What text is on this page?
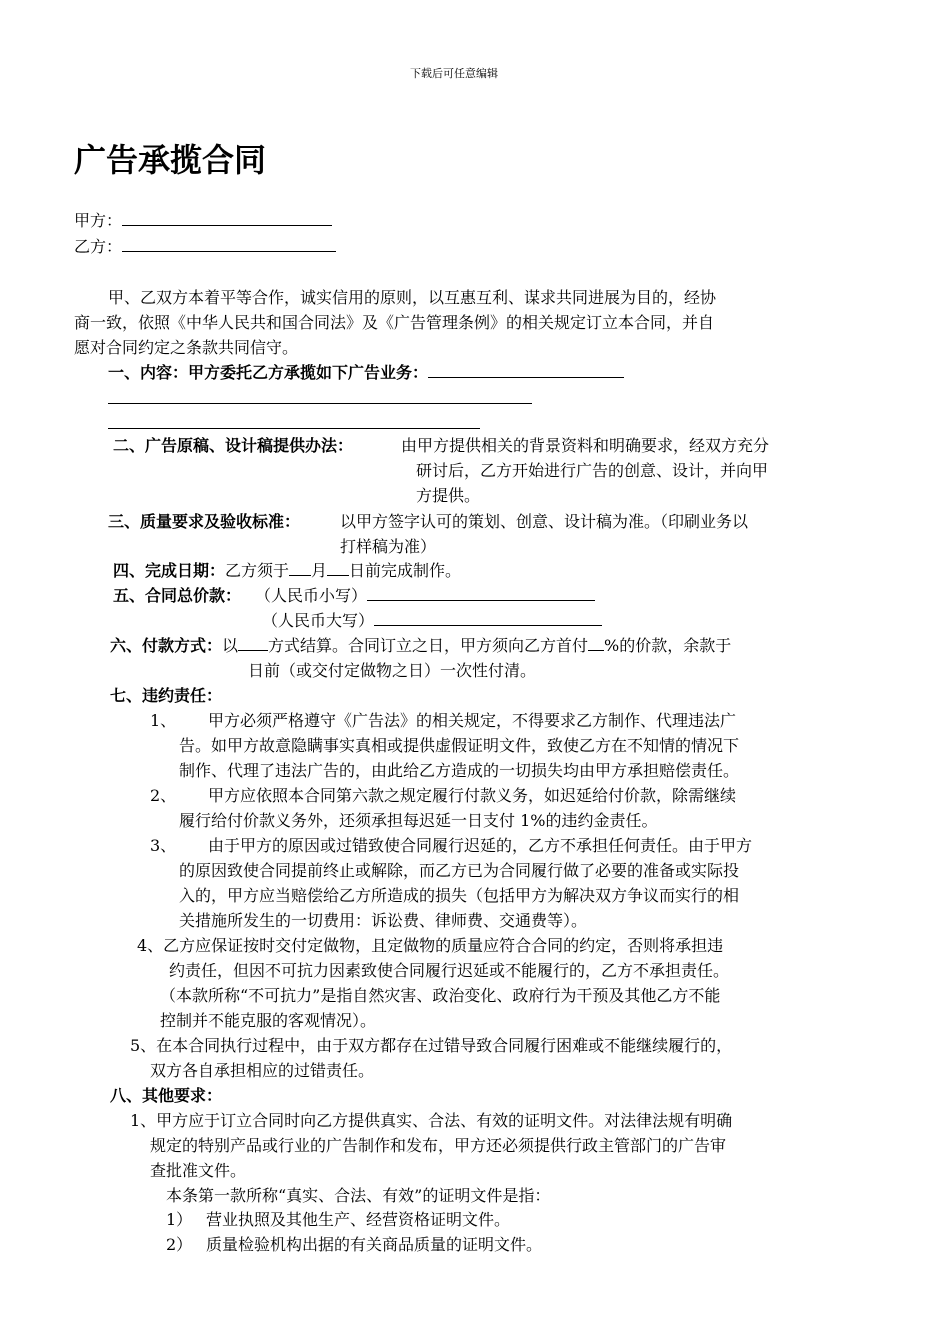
下载后可任意编辑
广告承揽合同
甲方：
乙方：
甲、乙双方本着平等合作，诚实信用的原则，以互惠互利、谋求共同进展为目的，经协
商一致，依照《中华人民共和国合同法》及《广告管理条例》的相关规定订立本合同，并自
愿对合同约定之条款共同信守。
一、内容：甲方委托乙方承揽如下广告业务：
二、广告原稿、设计稿提供办法：	由甲方提供相关的背景资料和明确要求，经双方充分
研讨后，乙方开始进行广告的创意、设计，并向甲
方提供。
三、质量要求及验收标准： 以甲方签字认可的策划、创意、设计稿为准。（印刷业务以
打样稿为准）
四、完成日期：乙方须于 月 日前完成制作。
五、合同总价款： （人民币小写）
（人民币大写）
六、付款方式：以 方式结算。合同订立之日，甲方须向乙方首付 %的价款，余款于
日前（或交付定做物之日）一次性付清。
七、违约责任：
1、 甲方必须严格遵守《广告法》的相关规定，不得要求乙方制作、代理违法广
告。如甲方故意隐瞒事实真相或提供虚假证明文件，致使乙方在不知情的情况下
制作、代理了违法广告的，由此给乙方造成的一切损失均由甲方承担赔偿责任。
2、 甲方应依照本合同第六款之规定履行付款义务，如迟延给付价款，除需继续
履行给付价款义务外，还须承担每迟延一日支付 1%的违约金责任。
3、 由于甲方的原因或过错致使合同履行迟延的，乙方不承担任何责任。由于甲方
的原因致使合同提前终止或解除，而乙方已为合同履行做了必要的准备或实际投
入的，甲方应当赔偿给乙方所造成的损失（包括甲方为解决双方争议而实行的相
关措施所发生的一切费用：诉讼费、律师费、交通费等）。
4、乙方应保证按时交付定做物，且定做物的质量应符合合同的约定，否则将承担违
约责任，但因不可抗力因素致使合同履行迟延或不能履行的，乙方不承担责任。
（本款所称“不可抗力”是指自然灾害、政治变化、政府行为干预及其他乙方不能
控制并不能克服的客观情况）。
5、在本合同执行过程中，由于双方都存在过错导致合同履行困难或不能继续履行的，
双方各自承担相应的过错责任。
八、其他要求：
1、甲方应于订立合同时向乙方提供真实、合法、有效的证明文件。对法律法规有明确
规定的特别产品或行业的广告制作和发布，甲方还必须提供行政主管部门的广告审
查批准文件。
本条第一款所称“真实、合法、有效”的证明文件是指：
1） 营业执照及其他生产、经营资格证明文件。
2） 质量检验机构出据的有关商品质量的证明文件。
